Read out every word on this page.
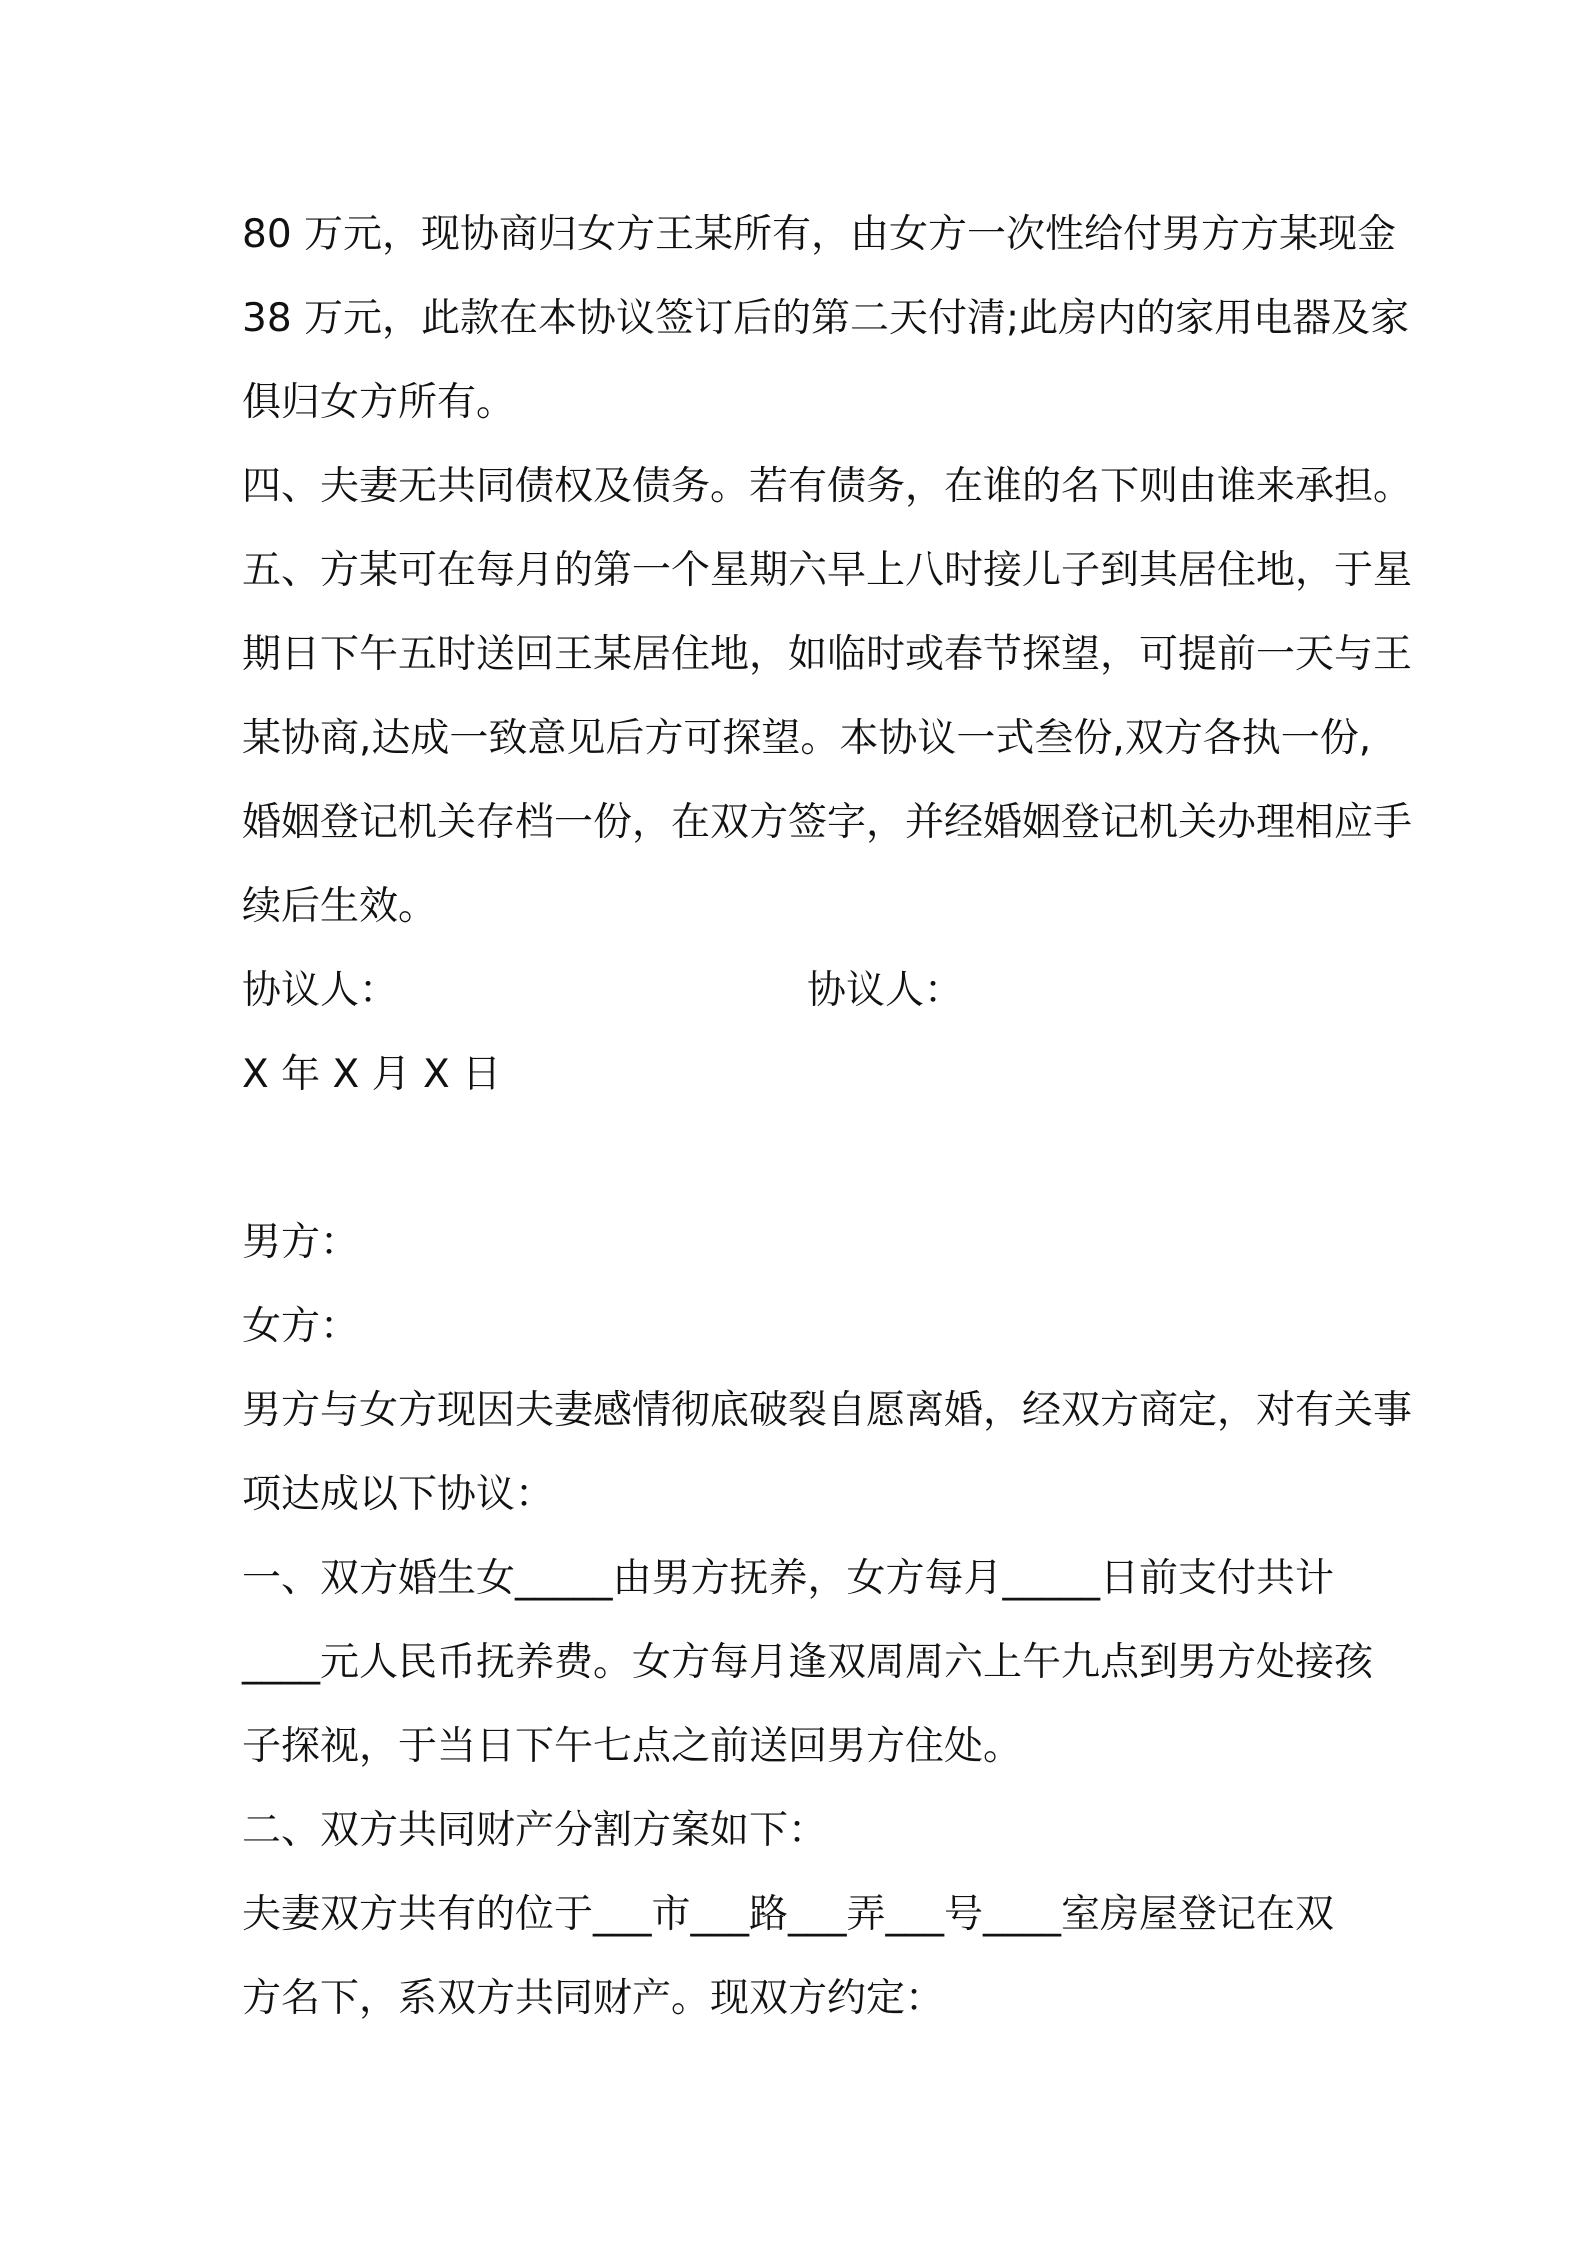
80 万元，现协商归女方王某所有，由女方一次性给付男方方某现金
38 万元，此款在本协议签订后的第二天付清;此房内的家用电器及家
俱归女方所有。
四、夫妻无共同债权及债务。若有债务，在谁的名下则由谁来承担。
五、方某可在每月的第一个星期六早上八时接儿子到其居住地，于星
期日下午五时送回王某居住地，如临时或春节探望，可提前一天与王
某协商,达成一致意见后方可探望。本协议一式叁份,双方各执一份,
婚姻登记机关存档一份，在双方签字，并经婚姻登记机关办理相应手
续后生效。
协议人：	协议人：
X 年 X 月 X 日
男方：
女方：
男方与女方现因夫妻感情彻底破裂自愿离婚，经双方商定，对有关事
项达成以下协议：
一、双方婚生女_____由男方抚养，女方每月_____日前支付共计
____元人民币抚养费。女方每月逢双周周六上午九点到男方处接孩
子探视，于当日下午七点之前送回男方住处。
二、双方共同财产分割方案如下：
夫妻双方共有的位于___市___路___弄___号____室房屋登记在双
方名下，系双方共同财产。现双方约定：
